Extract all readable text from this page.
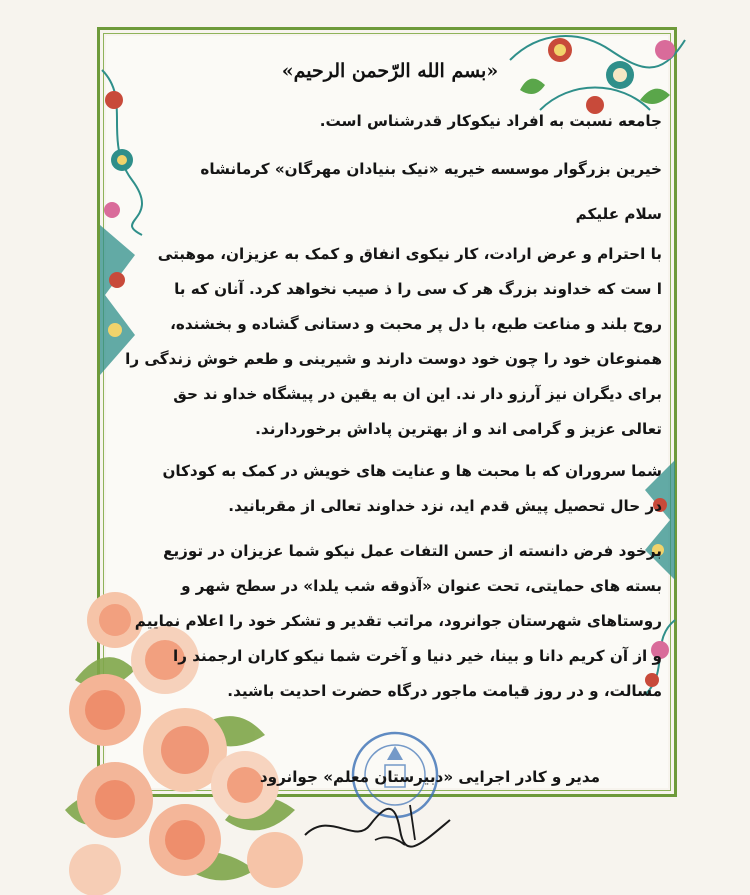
«بسم الله الرّحمن الرحیم»
جامعه نسبت به افراد نیکوکار قدرشناس است.
خیرین بزرگوار موسسه خیریه «نیک بنیادان مهرگان» کرمانشاه
سلام علیکم
با احترام و عرض ارادت، کار نیکوی انفاق و کمک به عزیزان، موهبتی
ا ست که خداوند بزرگ هر ک سی را ذ صیب نخواهد کرد. آنان که با
روح بلند و مناعت طبع، با دل پر محبت و دستانی گشاده و بخشنده،
همنوعان خود را چون خود دوست دارند و شیرینی و طعم خوش زندگی را
برای دیگران نیز آرزو دار ند. این ان به یقین در پیشگاه خداو ند حق
تعالی عزیز و گرامی اند و از بهترین پاداش برخوردارند.
شما سروران که با محبت ها و عنایت های خویش در کمک به کودکان
در حال تحصیل پیش قدم اید، نزد خداوند تعالی از مقربانید.
برخود فرض دانسته از حسن التفات عمل نیکو شما عزیزان در توزیع
بسته های حمایتی، تحت عنوان «آذوقه شب یلدا» در سطح شهر و
روستاهای شهرستان جوانرود، مراتب تقدیر و تشکر خود را اعلام نماییم
و از آن کریم دانا و بینا، خیر دنیا و آخرت شما نیکو کاران ارجمند را
مسالت، و در روز قیامت ماجور درگاه حضرت احدیت باشید.
مدیر و کادر اجرایی «دبیرستان معلم» جوانرود
